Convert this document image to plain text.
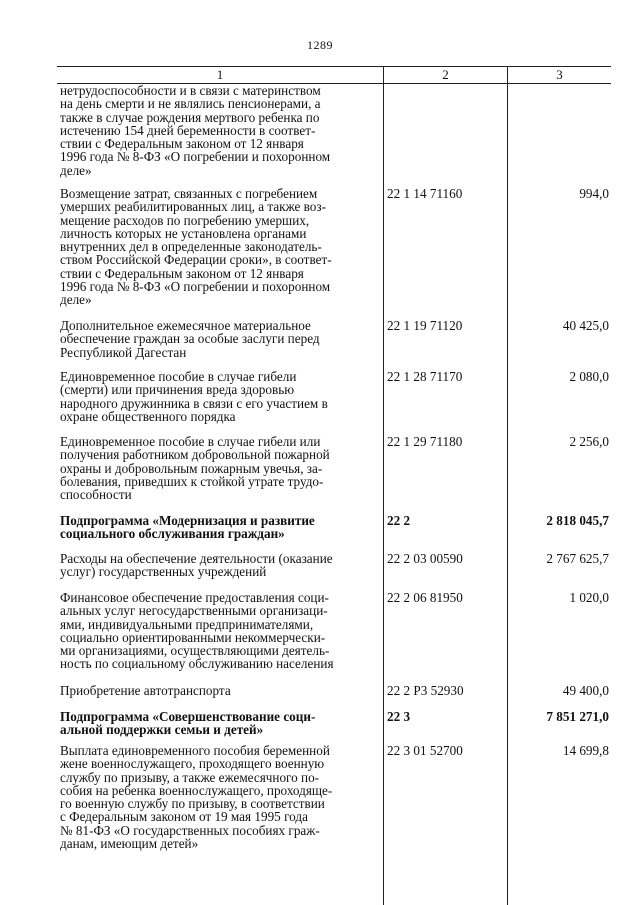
1289
1	2	3
нетрудоспособности и в связи с материнством
на день смерти и не являлись пенсионерами, а
также в случае рождения мертвого ребенка по
истечению 154 дней беременности в соответ-
ствии с Федеральным законом от 12 января
1996 года № 8-ФЗ «О погребении и похоронном
деле»
Возмещение затрат, связанных с погребением
умерших реабилитированных лиц, а также воз-
мещение расходов по погребению умерших,
личность которых не установлена органами
внутренних дел в определенные законодатель-
ством Российской Федерации сроки», в соответ-
ствии с Федеральным законом от 12 января
1996 года № 8-ФЗ «О погребении и похоронном
деле»
22 1 14 71160	994,0
Дополнительное ежемесячное материальное
обеспечение граждан за особые заслуги перед
Республикой Дагестан
22 1 19 71120	40 425,0
Единовременное пособие в случае гибели
(смерти) или причинения вреда здоровью
народного дружинника в связи с его участием в
охране общественного порядка
22 1 28 71170	2 080,0
Единовременное пособие в случае гибели или
получения работником добровольной пожарной
охраны и добровольным пожарным увечья, за-
болевания, приведших к стойкой утрате трудо-
способности
22 1 29 71180	2 256,0
Подпрограмма «Модернизация и развитие
социального обслуживания граждан»
22 2	2 818 045,7
Расходы на обеспечение деятельности (оказание
услуг) государственных учреждений
22 2 03 00590	2 767 625,7
Финансовое обеспечение предоставления соци-
альных услуг негосударственными организаци-
ями, индивидуальными предпринимателями,
социально ориентированными некоммерчески-
ми организациями, осуществляющими деятель-
ность по социальному обслуживанию населения
22 2 06 81950	1 020,0
Приобретение автотранспорта	22 2 P3 52930	49 400,0
Подпрограмма «Совершенствование соци-
альной поддержки семьи и детей»
22 3	7 851 271,0
Выплата единовременного пособия беременной
жене военнослужащего, проходящего военную
службу по призыву, а также ежемесячного по-
собия на ребенка военнослужащего, проходяще-
го военную службу по призыву, в соответствии
с Федеральным законом от 19 мая 1995 года
№ 81-ФЗ «О государственных пособиях граж-
данам, имеющим детей»
22 3 01 52700	14 699,8
